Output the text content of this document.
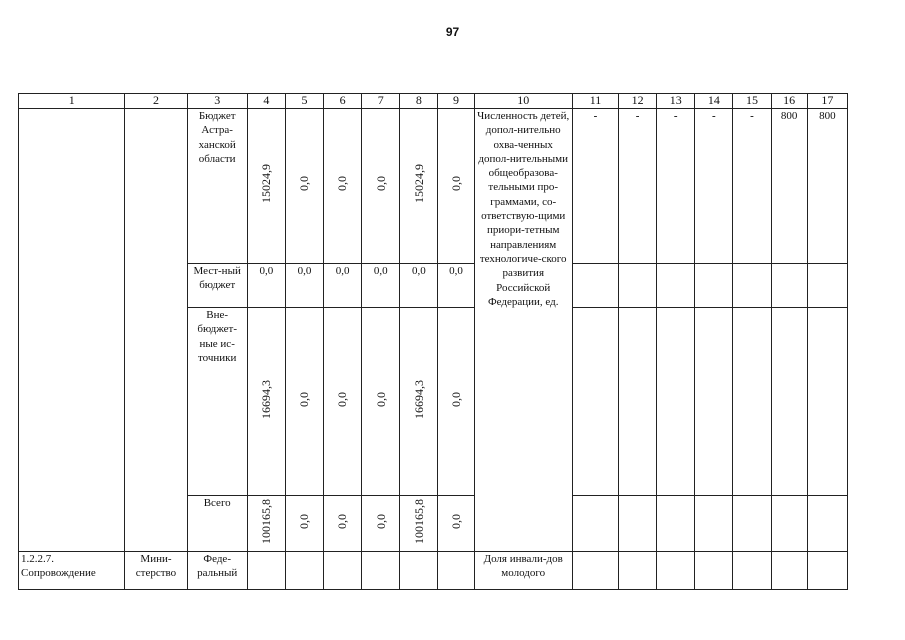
97
1	2	3	4	5	6	7	8	9	10	11	12	13	14	15	16	17
		Бюджет Астра-ханской области	15024,9	0,0	0,0	0,0	15024,9	0,0	Численность детей, допол-нительно охва-ченных допол-нительными общеобразова-тельными про-граммами, со-ответствую-щими приори-тетным направлениям технологиче-ского развития Российской Федерации, ед.	-	-	-	-	-	800	800
		Мест-ный бюджет	0,0	0,0	0,0	0,0	0,0	0,0								
		Вне-бюджет-ные ис-точники	16694,3	0,0	0,0	0,0	16694,3	0,0								
		Всего	100165,8	0,0	0,0	0,0	100165,8	0,0								
1.2.2.7. Сопровождение	Мини-стерство	Феде-ральный							Доля инвали-дов молодого							
